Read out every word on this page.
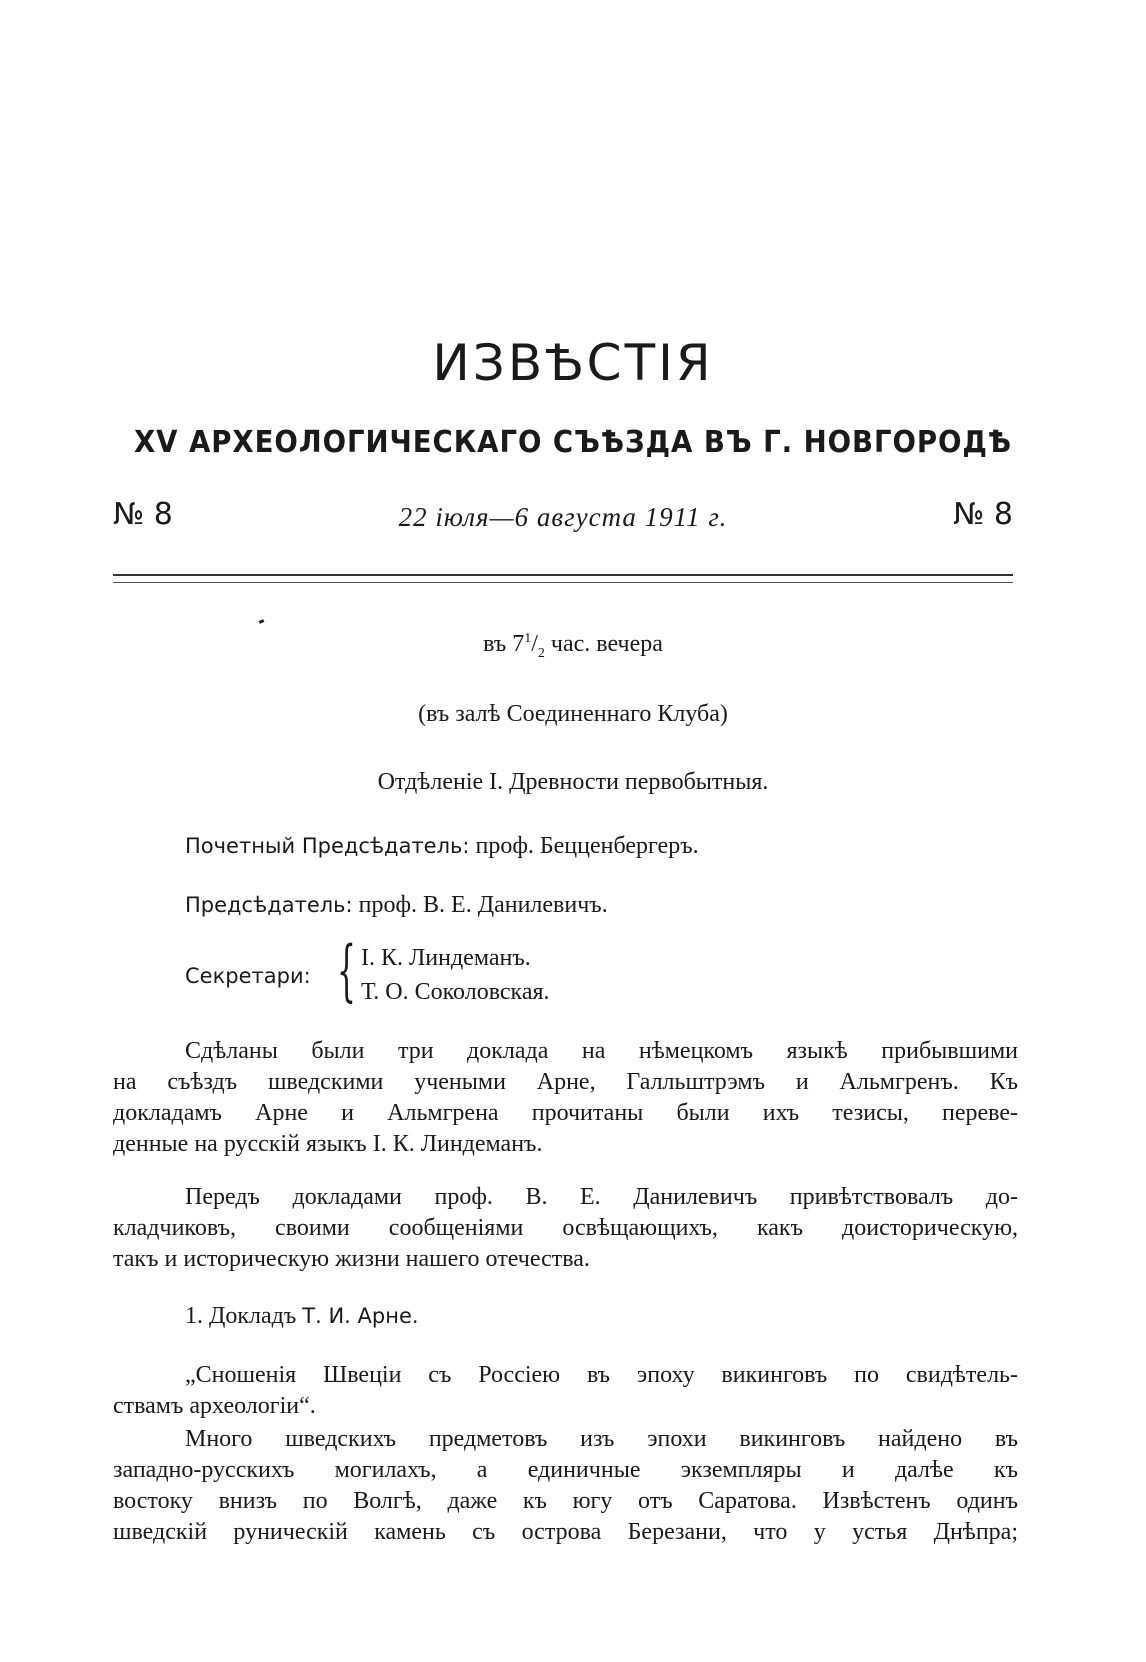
ИЗВѢСТІЯ
XV АРХЕОЛОГИЧЕСКАГО СЪѢЗДА ВЪ Г. НОВГОРОДѢ
№ 8	22 іюля—6 августа 1911 г.	№ 8
въ $7^1/_2$ час. вечера
(въ залѣ Соединеннаго Клуба)
Отдѣленіе I. Древности первобытныя.
Почетный Предсѣдатель: проф. Бецценбергеръ.
Предсѣдатель: проф. В. Е. Данилевичъ.
Секретари: { I. К. Линдеманъ.
Т. О. Соколовская.
Сдѣланы были три доклада на нѣмецкомъ языкѣ прибывшими
на съѣздъ шведскими учеными Арне, Галльштрэмъ и Альмгренъ. Къ
докладамъ Арне и Альмгрена прочитаны были ихъ тезисы, переве-
денные на русскій языкъ I. К. Линдеманъ.
Передъ докладами проф. В. Е. Данилевичъ привѣтствовалъ до-
кладчиковъ, своими сообщеніями освѣщающихъ, какъ доисторическую,
такъ и историческую жизни нашего отечества.
1. Докладъ Т. И. Арне.
„Сношенія Швеціи съ Россіею въ эпоху викинговъ по свидѣтель-
ствамъ археологіи“.
Много шведскихъ предметовъ изъ эпохи викинговъ найдено въ
западно-русскихъ могилахъ, а единичные экземпляры и далѣе къ
востоку внизъ по Волгѣ, даже къ югу отъ Саратова. Извѣстенъ одинъ
шведскій руническій камень съ острова Березани, что у устья Днѣпра;
